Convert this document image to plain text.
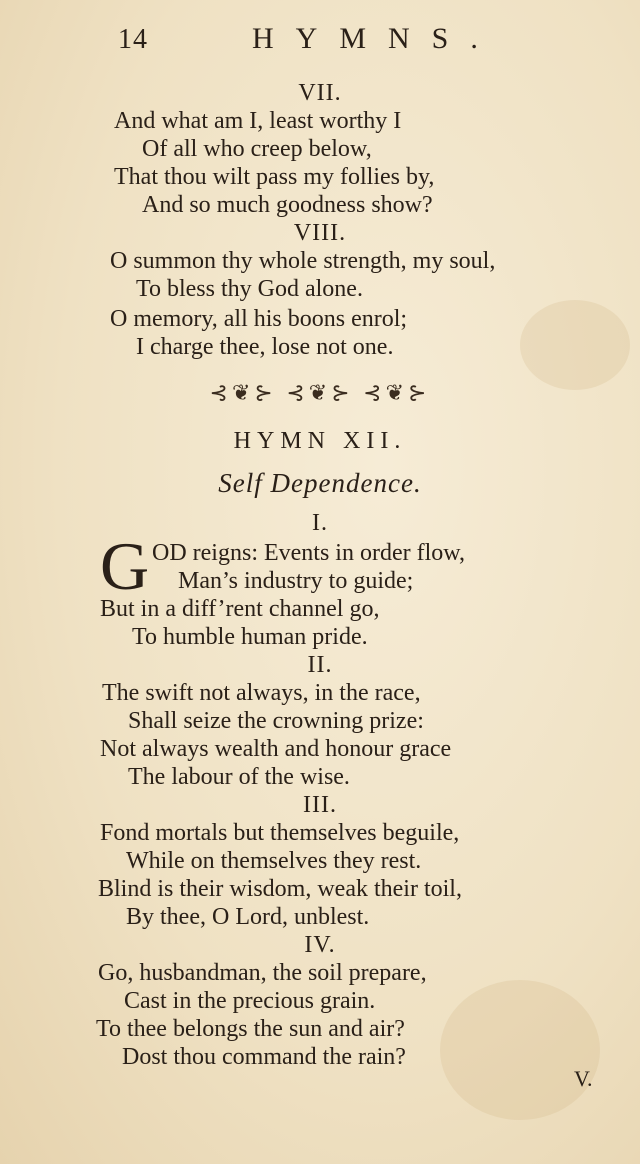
14	HYMNS.
VII.
And what am I, least worthy I
Of all who creep below,
That thou wilt pass my follies by,
And so much goodness show?
VIII.
O summon thy whole strength, my soul,
To bless thy God alone.
O memory, all his boons enrol;
I charge thee, lose not one.
⊰❦⊱ ⊰❦⊱ ⊰❦⊱
HYMN XII.
Self Dependence.
I.
G OD reigns: Events in order flow,
Man’s industry to guide;
But in a diff’rent channel go,
To humble human pride.
II.
The swift not always, in the race,
Shall seize the crowning prize:
Not always wealth and honour grace
The labour of the wise.
III.
Fond mortals but themselves beguile,
While on themselves they rest.
Blind is their wisdom, weak their toil,
By thee, O Lord, unblest.
IV.
Go, husbandman, the soil prepare,
Cast in the precious grain.
To thee belongs the sun and air?
Dost thou command the rain?
V.
